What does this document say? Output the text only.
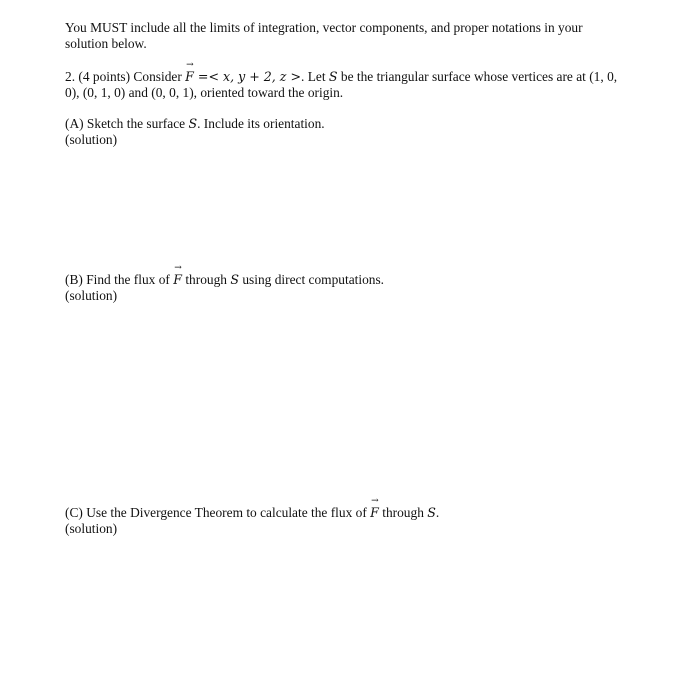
You MUST include all the limits of integration, vector components, and proper notations in your
solution below.
2. (4 points) Consider → F =< x, y + 2, z >. Let S be the triangular surface whose vertices are at (1, 0,
0), (0, 1, 0) and (0, 0, 1), oriented toward the origin.
(A) Sketch the surface S. Include its orientation.
(solution)
(B) Find the flux of → F through S using direct computations.
(solution)
(C) Use the Divergence Theorem to calculate the flux of → F through S.
(solution)
